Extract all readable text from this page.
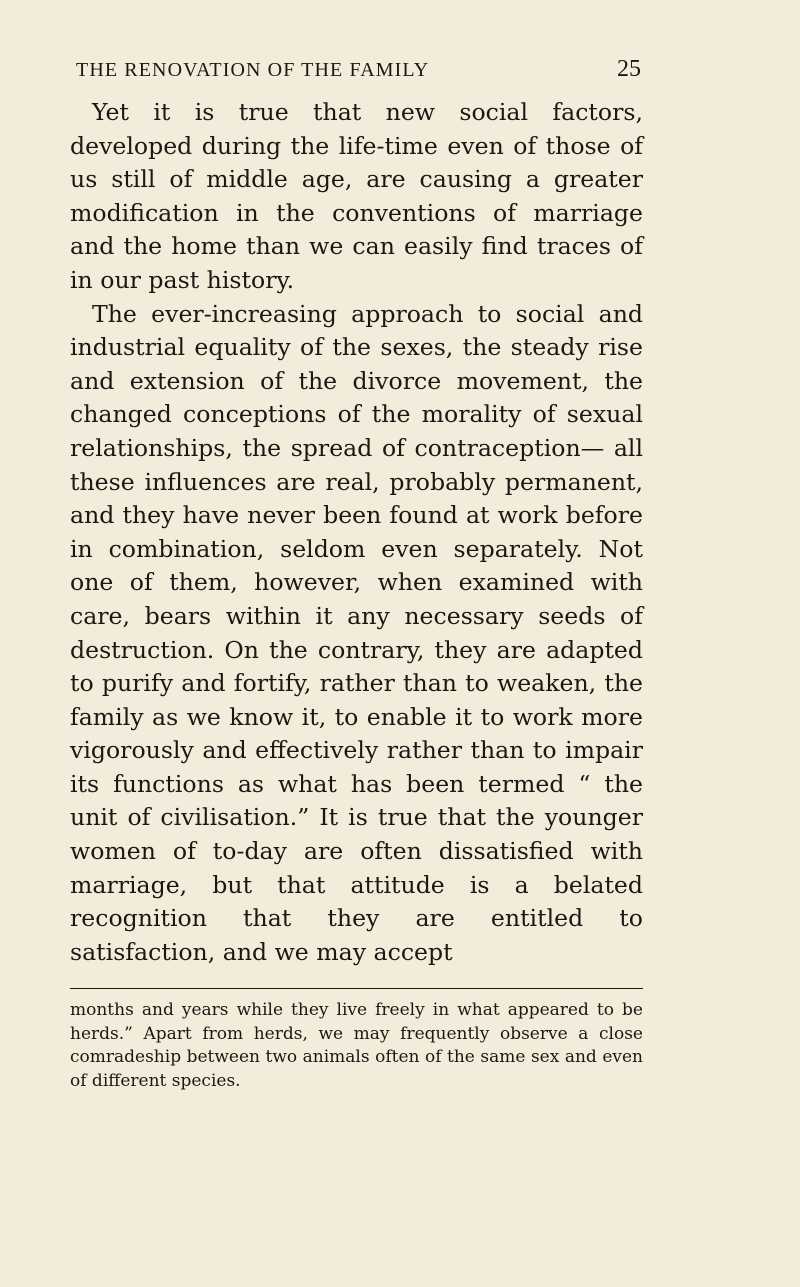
THE RENOVATION OF THE FAMILY	25

Yet it is true that new social factors, developed during the life-time even of those of us still of middle age, are causing a greater modification in the conventions of marriage and the home than we can easily find traces of in our past history.

The ever-increasing approach to social and industrial equality of the sexes, the steady rise and extension of the divorce movement, the changed conceptions of the morality of sexual relationships, the spread of contraception— all these influences are real, probably permanent, and they have never been found at work before in combination, seldom even separately. Not one of them, however, when examined with care, bears within it any necessary seeds of destruction. On the contrary, they are adapted to purify and fortify, rather than to weaken, the family as we know it, to enable it to work more vigorously and effectively rather than to impair its functions as what has been termed “ the unit of civilisation.” It is true that the younger women of to-day are often dissatisfied with marriage, but that attitude is a belated recognition that they are entitled to satisfaction, and we may accept

months and years while they live freely in what appeared to be herds.” Apart from herds, we may frequently observe a close comradeship between two animals often of the same sex and even of different species.
